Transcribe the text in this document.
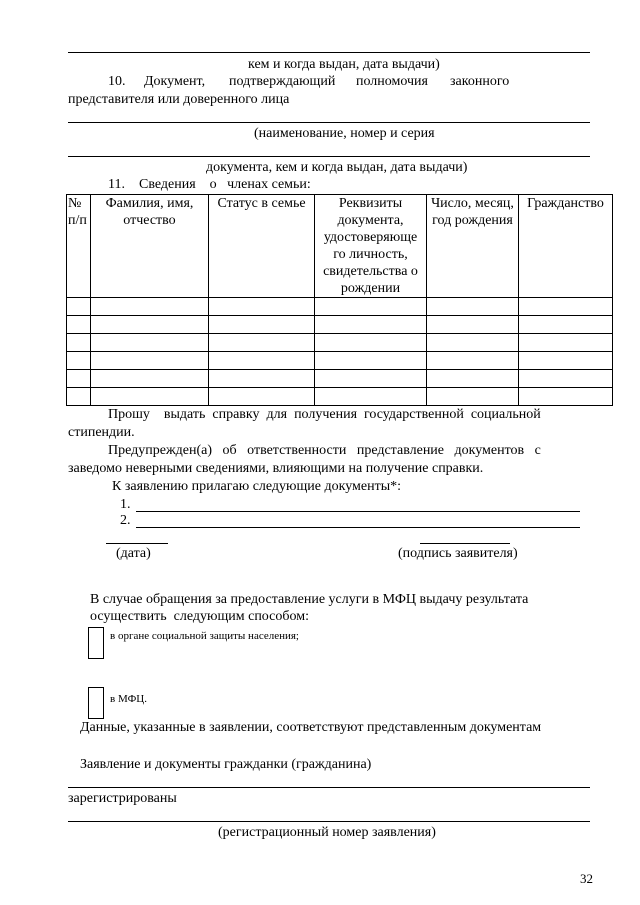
кем и когда выдан, дата выдачи)
10. Документ, подтверждающий полномочия законного
представителя или доверенного лица
(наименование, номер и серия
документа, кем и когда выдан, дата выдачи)
11.    Сведения    о   членах семьи:
№ п/п	Фамилия, имя, отчество	Статус в семье	Реквизиты документа, удостоверяюще го личность, свидетельства о рождении	Число, месяц, год рождения	Гражданство

Прошу    выдать  справку  для  получения  государственной  социальной
стипендии.
Предупрежден(а)   об   ответственности   представление   документов   с
заведомо неверными сведениями, влияющими на получение справки.
К заявлению прилагаю следующие документы*:
1.
2.
(дата)	(подпись заявителя)
В случае обращения за предоставление услуги в МФЦ выдачу результата
осуществить  следующим способом:
в органе социальной защиты населения;
в МФЦ.
Данные, указанные в заявлении, соответствуют представленным документам
Заявление и документы гражданки (гражданина)
зарегистрированы
(регистрационный номер заявления)
32
